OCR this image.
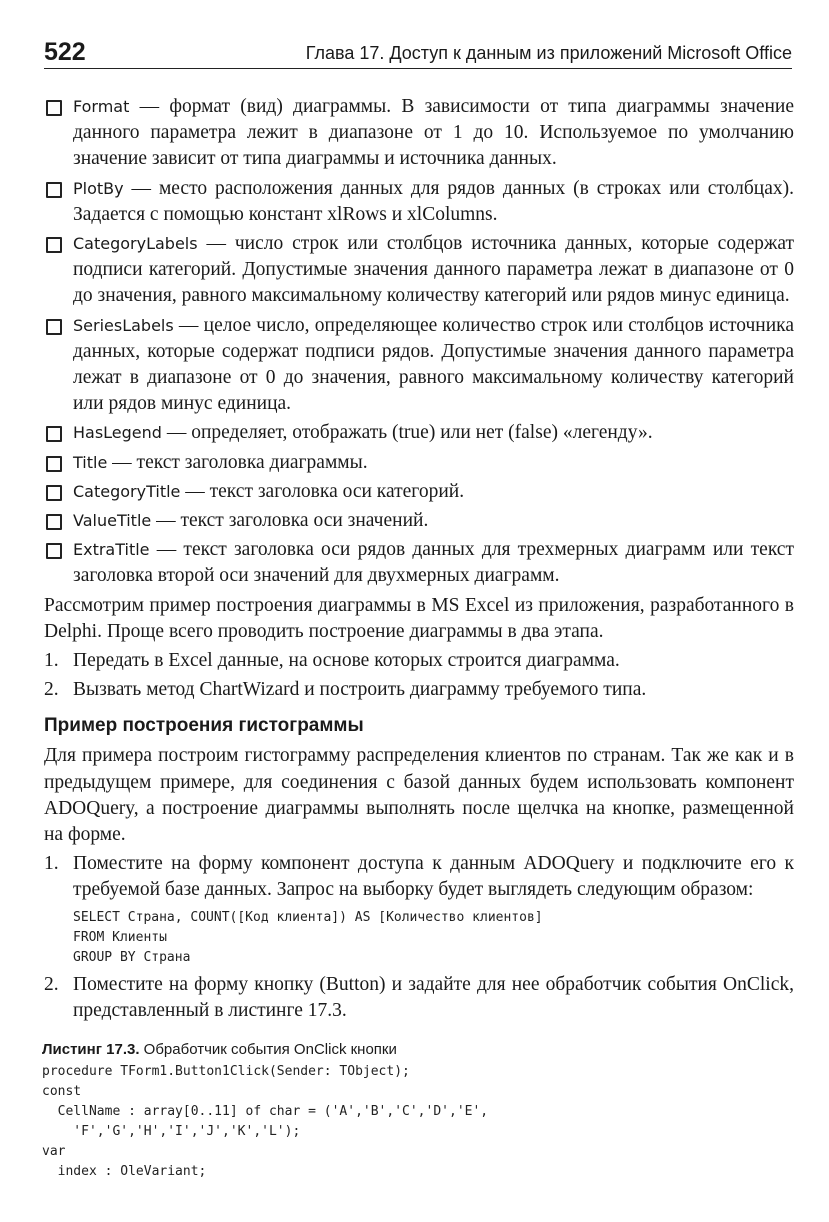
522	Глава 17. Доступ к данным из приложений Microsoft Office
Format — формат (вид) диаграммы. В зависимости от типа диаграммы значение данного параметра лежит в диапазоне от 1 до 10. Используемое по умолчанию значение зависит от типа диаграммы и источника данных.
PlotBy — место расположения данных для рядов данных (в строках или столбцах). Задается с помощью констант xlRows и xlColumns.
CategoryLabels — число строк или столбцов источника данных, которые содержат подписи категорий. Допустимые значения данного параметра лежат в диапазоне от 0 до значения, равного максимальному количеству категорий или рядов минус единица.
SeriesLabels — целое число, определяющее количество строк или столбцов источника данных, которые содержат подписи рядов. Допустимые значения данного параметра лежат в диапазоне от 0 до значения, равного максимальному количеству категорий или рядов минус единица.
HasLegend — определяет, отображать (true) или нет (false) «легенду».
Title — текст заголовка диаграммы.
CategoryTitle — текст заголовка оси категорий.
ValueTitle — текст заголовка оси значений.
ExtraTitle — текст заголовка оси рядов данных для трехмерных диаграмм или текст заголовка второй оси значений для двухмерных диаграмм.

Рассмотрим пример построения диаграммы в MS Excel из приложения, разработанного в Delphi. Проще всего проводить построение диаграммы в два этапа.

1. Передать в Excel данные, на основе которых строится диаграмма.
2. Вызвать метод ChartWizard и построить диаграмму требуемого типа.
Пример построения гистограммы

Для примера построим гистограмму распределения клиентов по странам. Так же как и в предыдущем примере, для соединения с базой данных будем использовать компонент ADOQuery, а построение диаграммы выполнять после щелчка на кнопке, размещенной на форме.

1. Поместите на форму компонент доступа к данным ADOQuery и подключите его к требуемой базе данных. Запрос на выборку будет выглядеть следующим образом:
SELECT Страна, COUNT([Код клиента]) AS [Количество клиентов]
FROM Клиенты
GROUP BY Страна
2. Поместите на форму кнопку (Button) и задайте для нее обработчик события OnClick, представленный в листинге 17.3.
Листинг 17.3. Обработчик события OnClick кнопки
procedure TForm1.Button1Click(Sender: TObject);
const
CellName : array[0..11] of char = ('A','B','C','D','E',
'F','G','H','I','J','K','L');
var
index : OleVariant;
